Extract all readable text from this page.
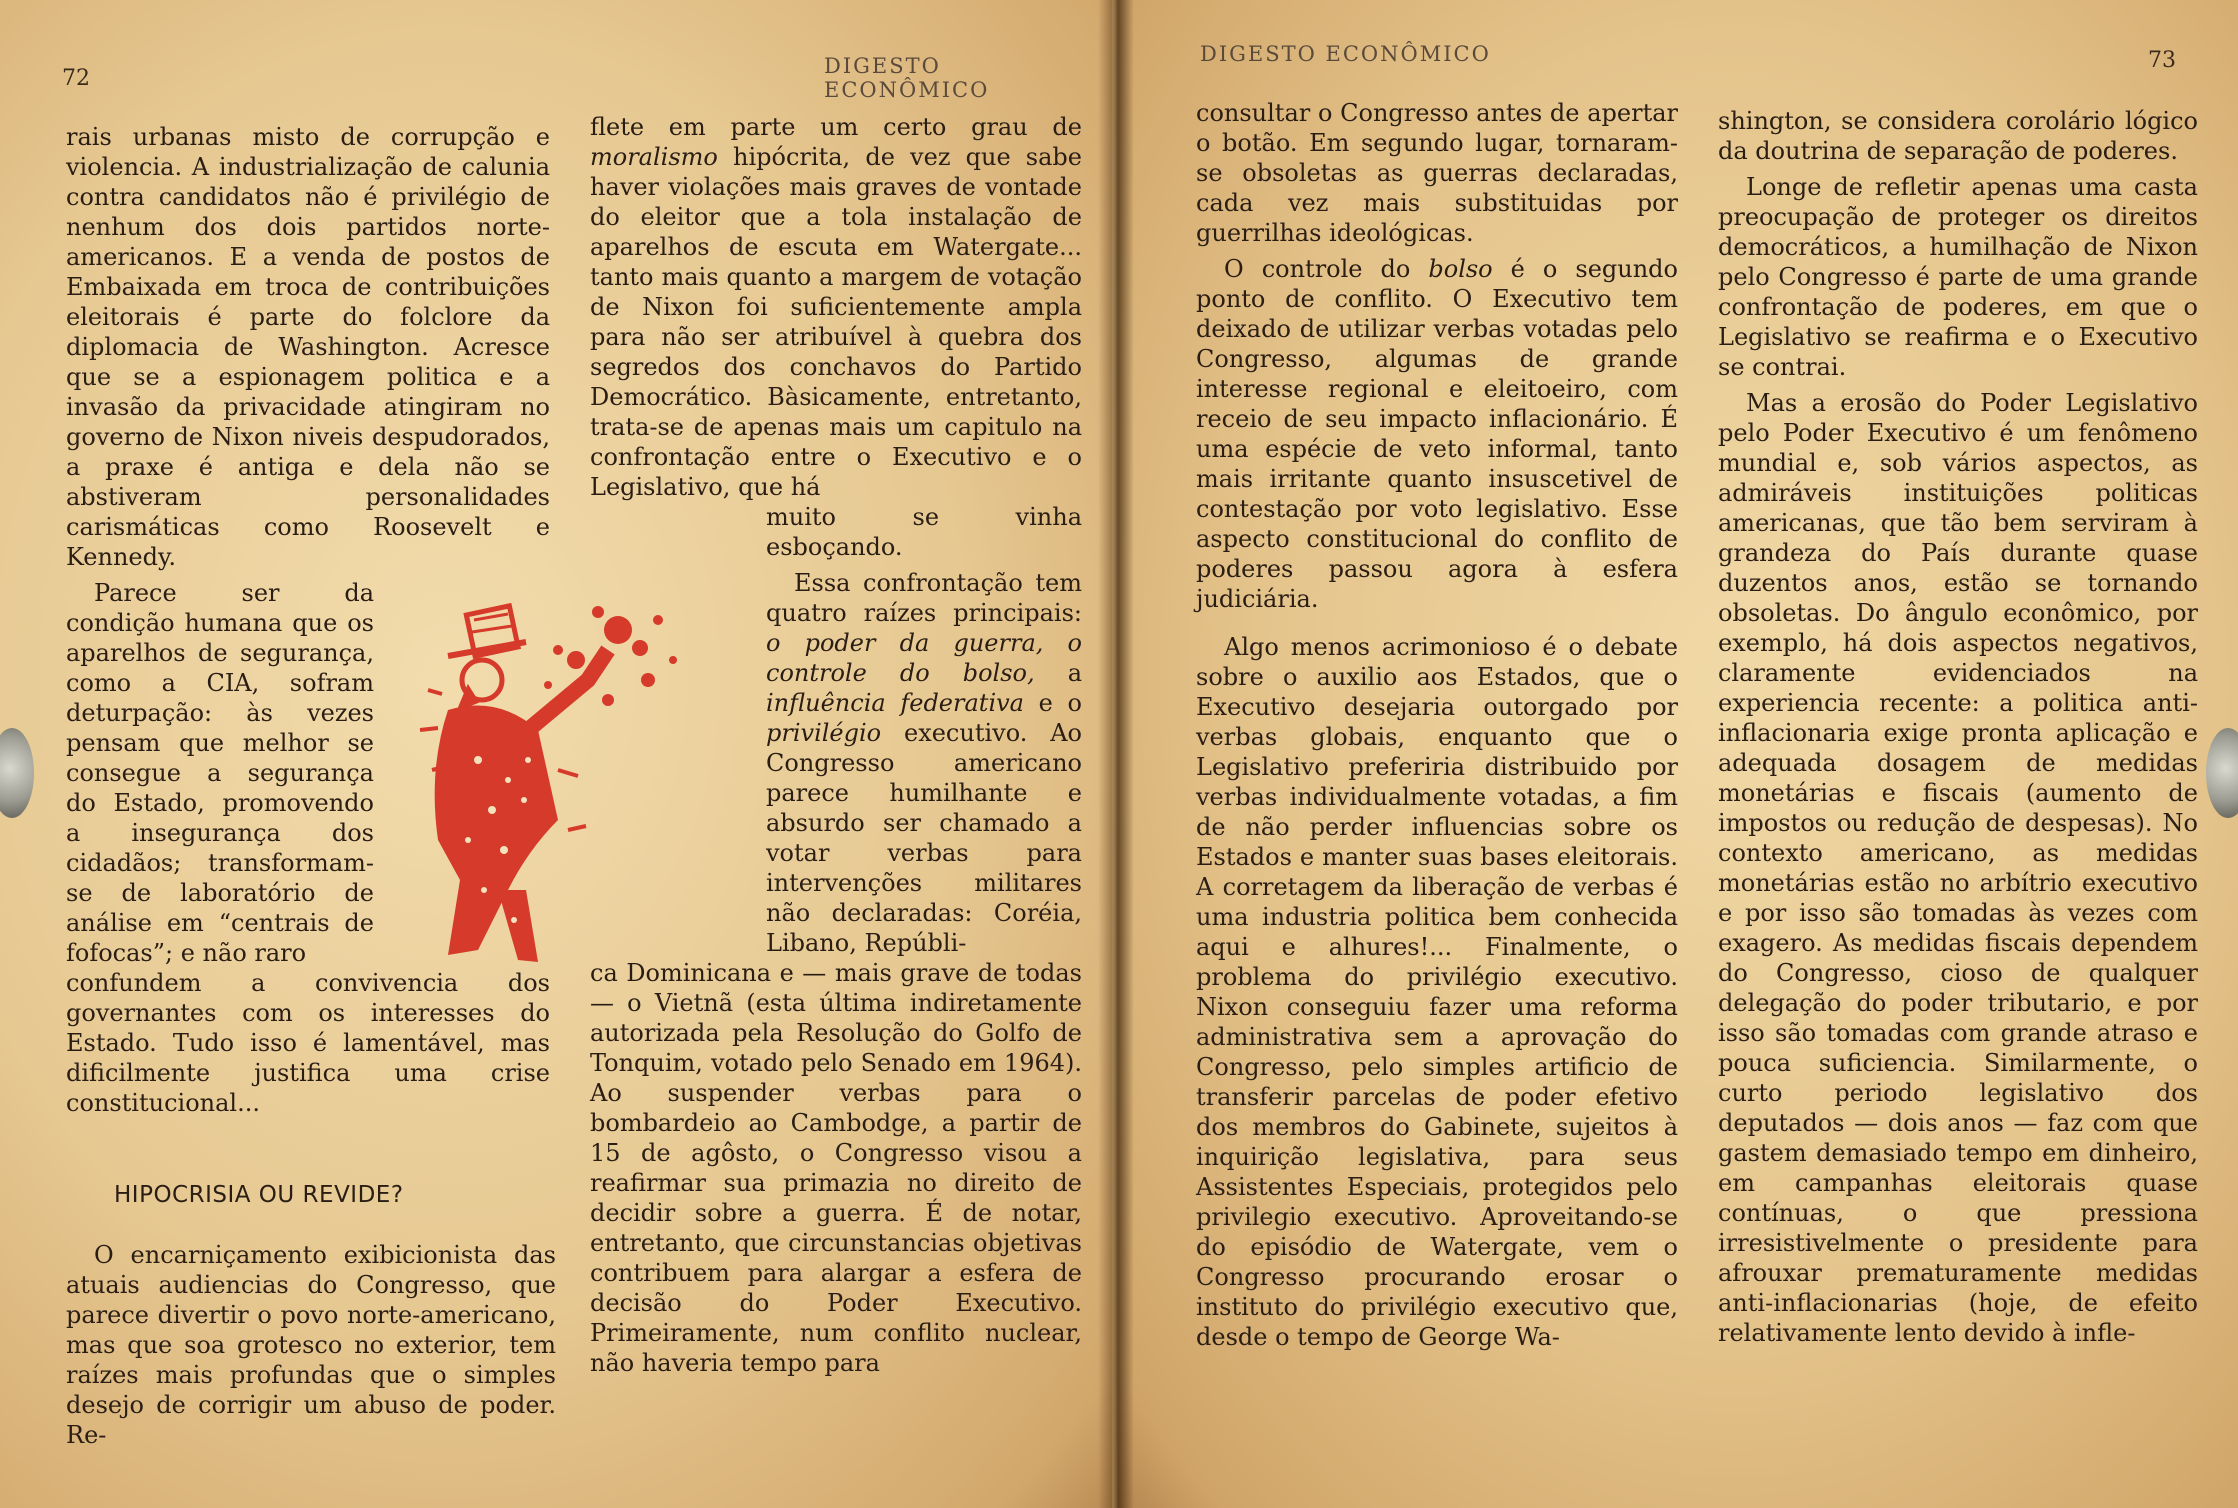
72	DIGESTO ECONÔMICO

rais urbanas misto de corrupção e violencia. A industrialização de calunia contra candidatos não é privilégio de nenhum dos dois partidos norte-americanos. E a venda de postos de Embaixada em troca de contribuições eleitorais é parte do folclore da diplomacia de Washington. Acresce que se a espionagem politica e a invasão da privacidade atingiram no governo de Nixon niveis despudorados, a praxe é antiga e dela não se abstiveram personalidades carismáticas como Roosevelt e Kennedy.

Parece ser da condição humana que os aparelhos de segurança, como a CIA, sofram deturpação: às vezes pensam que melhor se consegue a segurança do Estado, promovendo a insegurança dos cidadãos; transformam-se de laboratório de análise em “centrais de fofocas”; e não raro

confundem a convivencia dos governantes com os interesses do Estado. Tudo isso é lamentável, mas dificilmente justifica uma crise constitucional...

HIPOCRISIA OU REVIDE?

O encarniçamento exibicionista das atuais audiencias do Congresso, que parece divertir o povo norte-americano, mas que soa grotesco no exterior, tem raízes mais profundas que o simples desejo de corrigir um abuso de poder. Re-

flete em parte um certo grau de moralismo hipócrita, de vez que sabe haver violações mais graves de vontade do eleitor que a tola instalação de aparelhos de escuta em Watergate... tanto mais quanto a margem de votação de Nixon foi suficientemente ampla para não ser atribuível à quebra dos segredos dos conchavos do Partido Democrático. Bàsicamente, entretanto, trata-se de apenas mais um capitulo na confrontação entre o Executivo e o Legislativo, que há

muito se vinha esboçando.

Essa confrontação tem quatro raízes principais: o poder da guerra, o controle do bolso, a influência federativa e o privilégio executivo. Ao Congresso americano parece humilhante e absurdo ser chamado a votar verbas para intervenções militares não declaradas: Coréia, Libano, Repúbli-

ca Dominicana e — mais grave de todas — o Vietnã (esta última indiretamente autorizada pela Resolução do Golfo de Tonquim, votado pelo Senado em 1964). Ao suspender verbas para o bombardeio ao Cambodge, a partir de 15 de agôsto, o Congresso visou a reafirmar sua primazia no direito de decidir sobre a guerra. É de notar, entretanto, que circunstancias objetivas contribuem para alargar a esfera de decisão do Poder Executivo. Primeiramente, num conflito nuclear, não haveria tempo para

DIGESTO ECONÔMICO	73

consultar o Congresso antes de apertar o botão. Em segundo lugar, tornaram-se obsoletas as guerras declaradas, cada vez mais substituidas por guerrilhas ideológicas.

O controle do bolso é o segundo ponto de conflito. O Executivo tem deixado de utilizar verbas votadas pelo Congresso, algumas de grande interesse regional e eleitoeiro, com receio de seu impacto inflacionário. É uma espécie de veto informal, tanto mais irritante quanto insuscetivel de contestação por voto legislativo. Esse aspecto constitucional do conflito de poderes passou agora à esfera judiciária.

Algo menos acrimonioso é o debate sobre o auxilio aos Estados, que o Executivo desejaria outorgado por verbas globais, enquanto que o Legislativo preferiria distribuido por verbas individualmente votadas, a fim de não perder influencias sobre os Estados e manter suas bases eleitorais. A corretagem da liberação de verbas é uma industria politica bem conhecida aqui e alhures!... Finalmente, o problema do privilégio executivo. Nixon conseguiu fazer uma reforma administrativa sem a aprovação do Congresso, pelo simples artificio de transferir parcelas de poder efetivo dos membros do Gabinete, sujeitos à inquirição legislativa, para seus Assistentes Especiais, protegidos pelo privilegio executivo. Aproveitando-se do episódio de Watergate, vem o Congresso procurando erosar o instituto do privilégio executivo que, desde o tempo de George Wa-

shington, se considera corolário lógico da doutrina de separação de poderes.

Longe de refletir apenas uma casta preocupação de proteger os direitos democráticos, a humilhação de Nixon pelo Congresso é parte de uma grande confrontação de poderes, em que o Legislativo se reafirma e o Executivo se contrai.

Mas a erosão do Poder Legislativo pelo Poder Executivo é um fenômeno mundial e, sob vários aspectos, as admiráveis instituições politicas americanas, que tão bem serviram à grandeza do País durante quase duzentos anos, estão se tornando obsoletas. Do ângulo econômico, por exemplo, há dois aspectos negativos, claramente evidenciados na experiencia recente: a politica anti-inflacionaria exige pronta aplicação e adequada dosagem de medidas monetárias e fiscais (aumento de impostos ou redução de despesas). No contexto americano, as medidas monetárias estão no arbítrio executivo e por isso são tomadas às vezes com exagero. As medidas fiscais dependem do Congresso, cioso de qualquer delegação do poder tributario, e por isso são tomadas com grande atraso e pouca suficiencia. Similarmente, o curto periodo legislativo dos deputados — dois anos — faz com que gastem demasiado tempo em dinheiro, em campanhas eleitorais quase contínuas, o que pressiona irresistivelmente o presidente para afrouxar prematuramente medidas anti-inflacionarias (hoje, de efeito relativamente lento devido à infle-
